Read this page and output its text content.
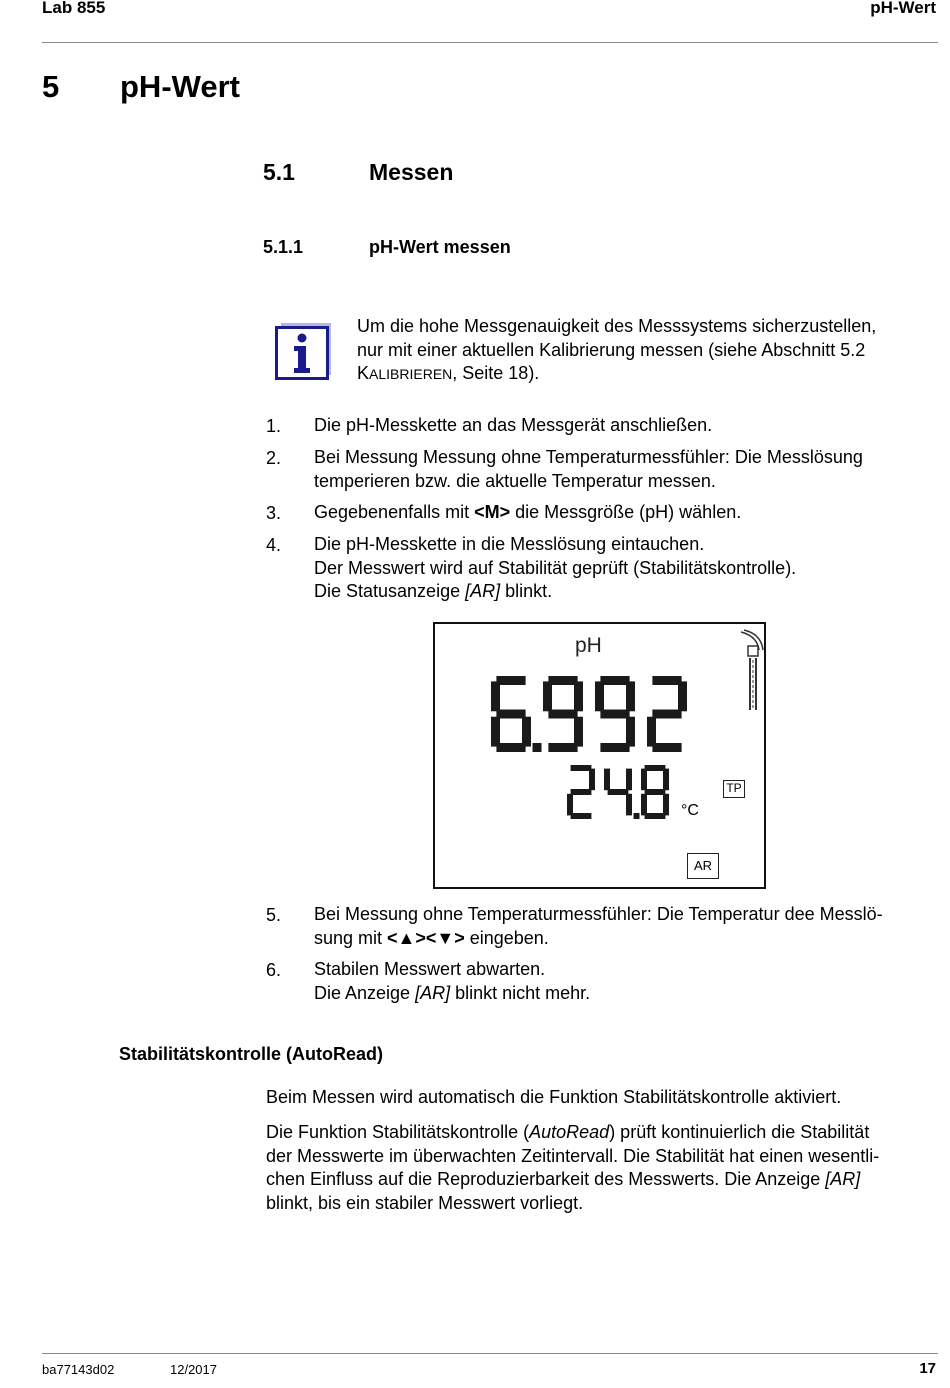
Lab 855	pH-Wert
5 pH-Wert
5.1	Messen
5.1.1	pH-Wert messen
Um die hohe Messgenauigkeit des Messsystems sicherzustellen,
nur mit einer aktuellen Kalibrierung messen (siehe Abschnitt 5.2
KALIBRIEREN, Seite 18).
1. Die pH-Messkette an das Messgerät anschließen.
2. Bei Messung Messung ohne Temperaturmessfühler: Die Messlösung
temperieren bzw. die aktuelle Temperatur messen.
3. Gegebenenfalls mit <M> die Messgröße (pH) wählen.
4. Die pH-Messkette in die Messlösung eintauchen.
Der Messwert wird auf Stabilität geprüft (Stabilitätskontrolle).
Die Statusanzeige [AR] blinkt.
pH
°C
TP
AR
5. Bei Messung ohne Temperaturmessfühler: Die Temperatur dee Messlö-
sung mit <▲><▼> eingeben.
6. Stabilen Messwert abwarten.
Die Anzeige [AR] blinkt nicht mehr.
Stabilitätskontrolle (AutoRead)
Beim Messen wird automatisch die Funktion Stabilitätskontrolle aktiviert.
Die Funktion Stabilitätskontrolle (AutoRead) prüft kontinuierlich die Stabilität
der Messwerte im überwachten Zeitintervall. Die Stabilität hat einen wesentli-
chen Einfluss auf die Reproduzierbarkeit des Messwerts. Die Anzeige [AR]
blinkt, bis ein stabiler Messwert vorliegt.
ba77143d02	12/2017	17
